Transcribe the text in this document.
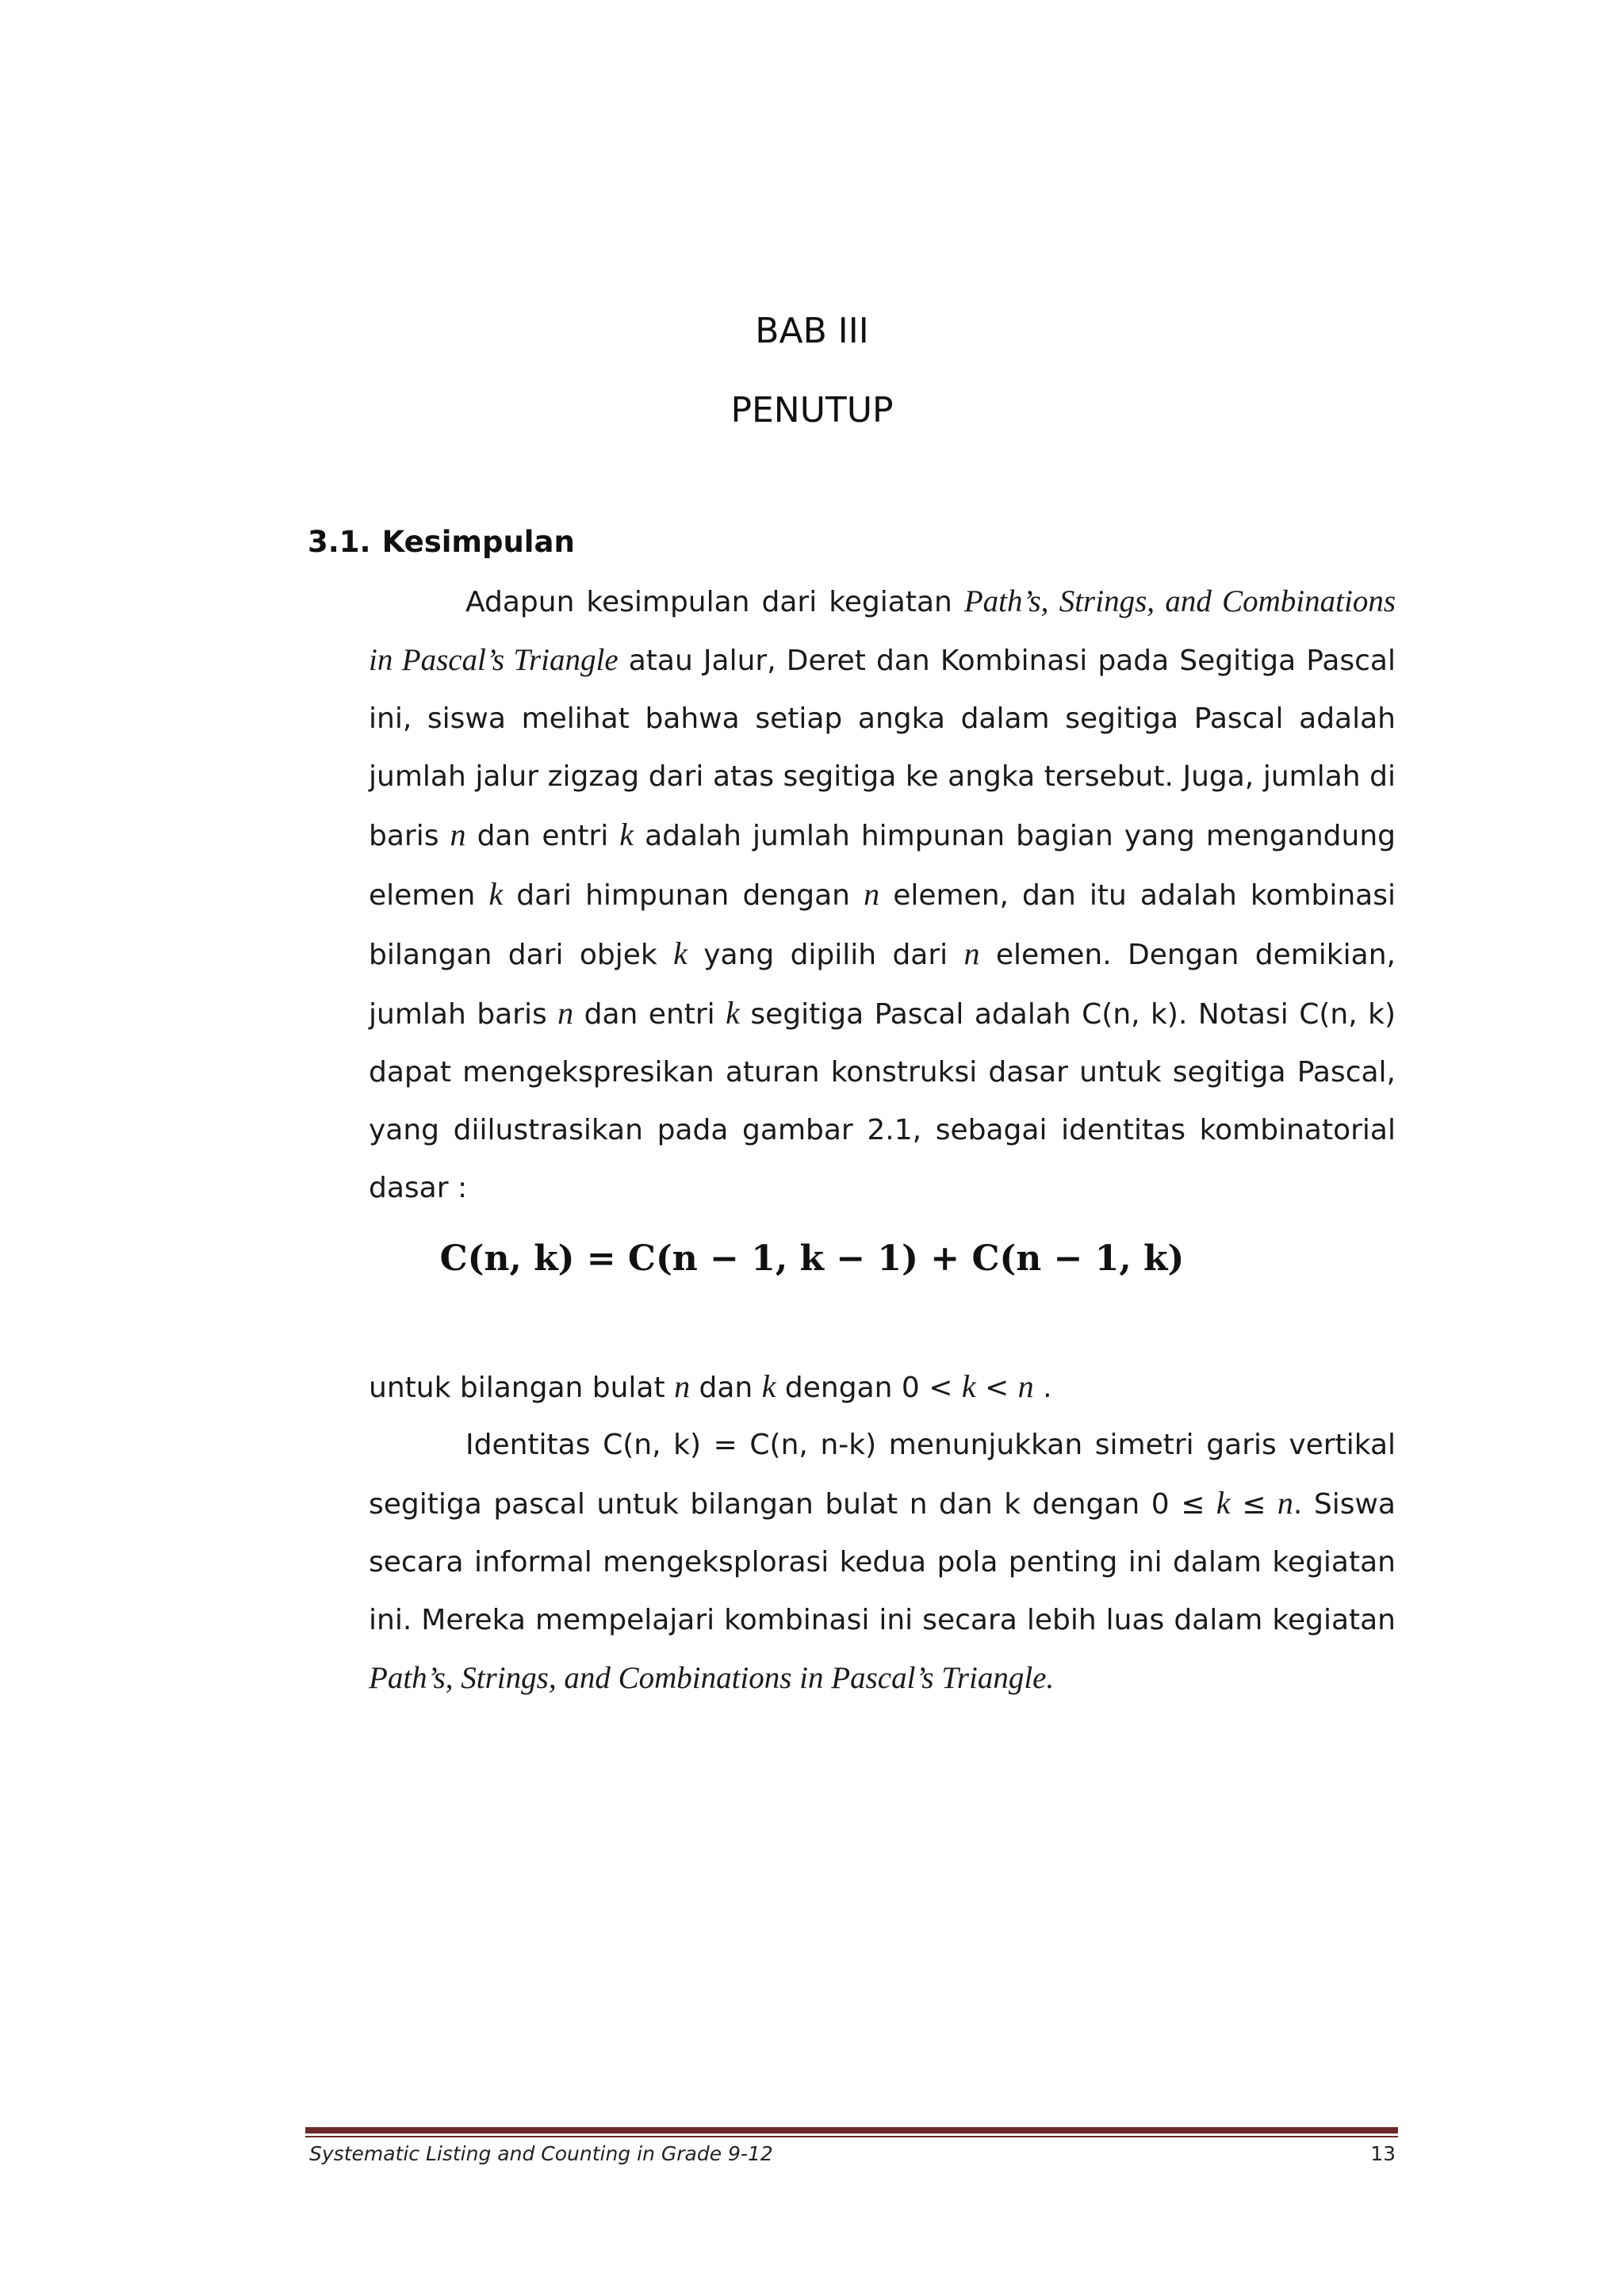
BAB III
PENUTUP
3.1. Kesimpulan

Adapun kesimpulan dari kegiatan Path’s, Strings, and Combinations in Pascal’s Triangle atau Jalur, Deret dan Kombinasi pada Segitiga Pascal ini, siswa melihat bahwa setiap angka dalam segitiga Pascal adalah jumlah jalur zigzag dari atas segitiga ke angka tersebut. Juga, jumlah di baris n dan entri k adalah jumlah himpunan bagian yang mengandung elemen k dari himpunan dengan n elemen, dan itu adalah kombinasi bilangan dari objek k yang dipilih dari n elemen. Dengan demikian, jumlah baris n dan entri k segitiga Pascal adalah C(n, k). Notasi C(n, k) dapat mengekspresikan aturan konstruksi dasar untuk segitiga Pascal, yang diilustrasikan pada gambar 2.1, sebagai identitas kombinatorial dasar :

C(n, k) = C(n − 1, k − 1) + C(n − 1, k)

untuk bilangan bulat n dan k dengan 0 < k < n .

Identitas C(n, k) = C(n, n-k) menunjukkan simetri garis vertikal segitiga pascal untuk bilangan bulat n dan k dengan 0 ≤ k ≤ n. Siswa secara informal mengeksplorasi kedua pola penting ini dalam kegiatan ini. Mereka mempelajari kombinasi ini secara lebih luas dalam kegiatan Path’s, Strings, and Combinations in Pascal’s Triangle.

Systematic Listing and Counting in Grade 9-12	13
